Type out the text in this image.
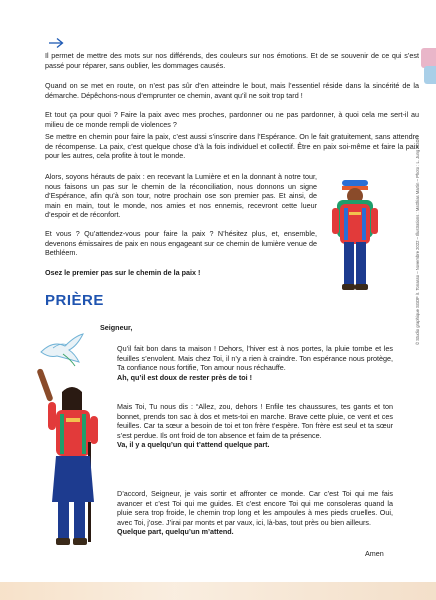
Il permet de mettre des mots sur nos différends, des couleurs sur nos émotions. Et de se souvenir de ce qui s’est passé pour réparer, sans oublier, les dommages causés.

Quand on se met en route, on n’est pas sûr d’en atteindre le bout, mais l’essentiel réside dans la sincérité de la démarche. Dépêchons-nous d’emprunter ce chemin, avant qu’il ne soit trop tard !

Et tout ça pour quoi ? Faire la paix avec mes proches, pardonner ou ne pas pardonner, à quoi cela me sert-il au milieu de ce monde rempli de violences ?

Se mettre en chemin pour faire la paix, c’est aussi s’inscrire dans l’Espérance. On le fait gratuitement, sans attendre de récompense. La paix, c’est quelque chose d’à la fois individuel et collectif. Être en paix soi-même et faire la paix pour les autres, cela profite à tout le monde.

Alors, soyons hérauts de paix : en recevant la Lumière et en la donnant à notre tour, nous faisons un pas sur le chemin de la réconciliation, nous donnons un signe d’Espérance, afin qu’à son tour, notre prochain ose son premier pas. Et ainsi, de main en main, tout le monde, nos amies et nos ennemis, recevront cette lueur d’espoir et de réconfort.

Et vous ? Qu’attendez-vous pour faire la paix ? N’hésitez plus, et, ensemble, devenons émissaires de paix en nous engageant sur ce chemin de lumière venue de Bethléem.

Osez le premier pas sur le chemin de la paix !	© Studio graphique SGDF /I. Tonasso – Novembre 2022 – Illustrations : Matthias Martin – Photo : L. Jung SGDF
PRIÈRE

Seigneur,

Qu’il fait bon dans ta maison ! Dehors, l’hiver est à nos portes, la pluie tombe et les feuilles s’envolent. Mais chez Toi, il n’y a rien à craindre. Ton espérance nous protège, Ta confiance nous fortifie, Ton amour nous réchauffe.
Ah, qu’il est doux de rester près de toi !

Mais Toi, Tu nous dis : “Allez, zou, dehors ! Enfile tes chaussures, tes gants et ton bonnet, prends ton sac à dos et mets-toi en marche. Brave cette pluie, ce vent et ces feuilles. Car ta sœur a besoin de toi et ton frère t’espère. Ton frère est seul et ta sœur s’est perdue. Ils ont froid de ton absence et faim de ta présence.
Va, il y a quelqu’un qui t’attend quelque part.

D’accord, Seigneur, je vais sortir et affronter ce monde. Car c’est Toi qui me fais avancer et c’est Toi qui me guides. Et c’est encore Toi qui me consoleras quand la pluie sera trop froide, le chemin trop long et les ampoules à mes pieds cruelles. Oui, avec Toi, j’ose. J’irai par monts et par vaux, ici, là-bas, tout près ou bien ailleurs.
Quelque part, quelqu’un m’attend.

Amen
